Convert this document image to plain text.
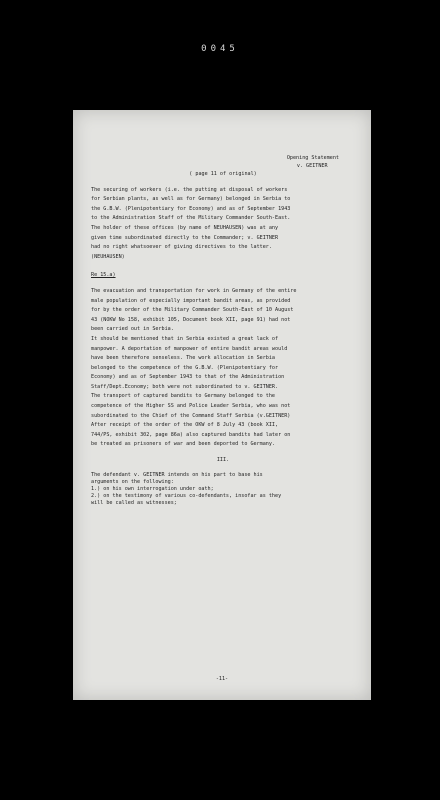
0045
Opening Statement
v. GEITNER
( page 11 of original)
The securing of workers (i.e. the putting at disposal of workers
for Serbian plants, as well as for Germany) belonged in Serbia to
the G.B.W. (Plenipotentiary for Economy) and as of September 1943
to the Administration Staff of the Military Commander South-East.
The holder of these offices (by name of NEUHAUSEN) was at any
given time subordinated directly to the Commander; v. GEITNER
had no right whatsoever of giving directives to the latter.
(NEUHAUSEN)
Re 15.a)
The evacuation and transportation for work in Germany of the entire
male population of especially important bandit areas, as provided
for by the order of the Military Commander South-East of 10 August
43 (NOKW No 158, exhibit 105, Document book XII, page 91) had not
been carried out in Serbia.
It should be mentioned that in Serbia existed a great lack of
manpower. A deportation of manpower of entire bandit areas would
have been therefore senseless. The work allocation in Serbia
belonged to the competence of the G.B.W. (Plenipotentiary for
Economy) and as of September 1943 to that of the Administration
Staff/Dept.Economy; both were not subordinated to v. GEITNER.
The transport of captured bandits to Germany belonged to the
competence of the Higher SS and Police Leader Serbia, who was not
subordinated to the Chief of the Command Staff Serbia (v.GEITNER)
After receipt of the order of the OKW of 8 July 43 (book XII,
744/PS, exhibit 302, page 86a) also captured bandits had later on
be treated as prisoners of war and been deported to Germany.
III.
The defendant v. GEITNER intends on his part to base his
arguments on the following:
1.) on his own interrogation under oath;
2.) on the testimony of various co-defendants, insofar as they
will be called as witnesses;
-11-
